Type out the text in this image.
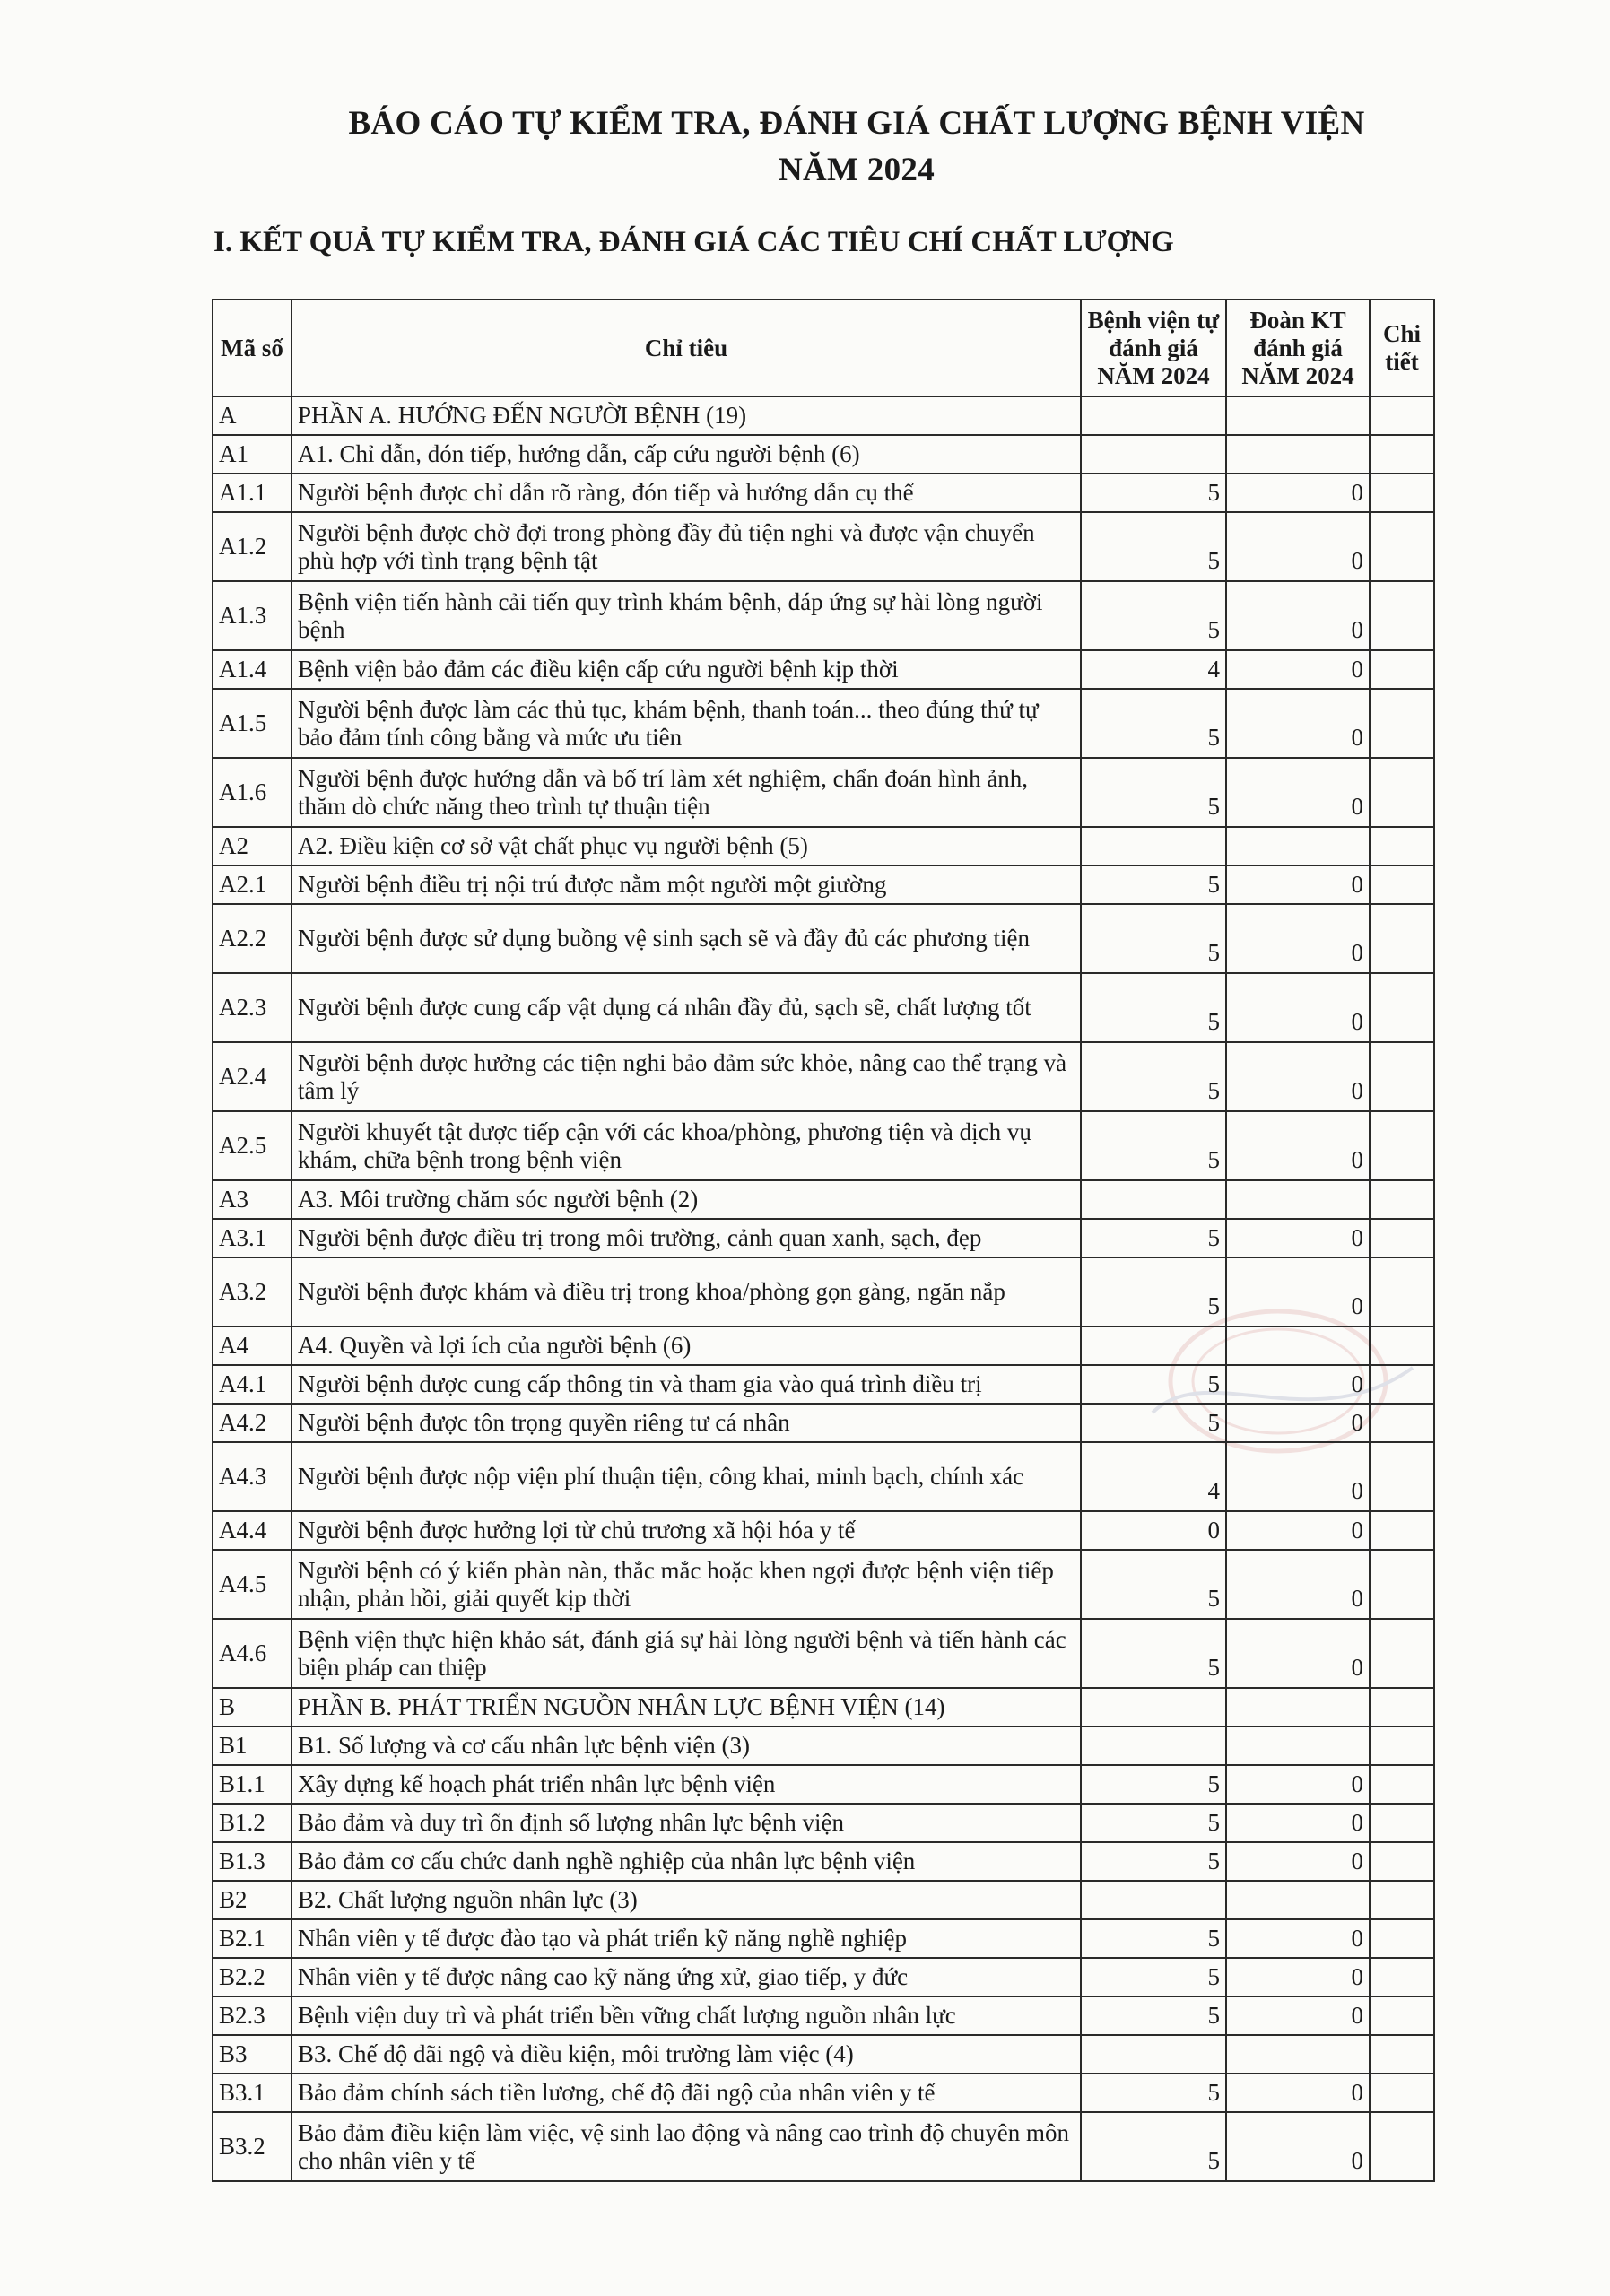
BÁO CÁO TỰ KIỂM TRA, ĐÁNH GIÁ CHẤT LƯỢNG BỆNH VIỆN
NĂM 2024
I. KẾT QUẢ TỰ KIỂM TRA, ĐÁNH GIÁ CÁC TIÊU CHÍ CHẤT LƯỢNG
Mã số	Chỉ tiêu	Bệnh viện tự đánh giá NĂM 2024	Đoàn KT đánh giá NĂM 2024	Chi tiết
A	PHẦN A. HƯỚNG ĐẾN NGƯỜI BỆNH (19)			
A1	A1. Chỉ dẫn, đón tiếp, hướng dẫn, cấp cứu người bệnh (6)			
A1.1	Người bệnh được chỉ dẫn rõ ràng, đón tiếp và hướng dẫn cụ thể	5	0	
A1.2	Người bệnh được chờ đợi trong phòng đầy đủ tiện nghi và được vận chuyển phù hợp với tình trạng bệnh tật	5	0	
A1.3	Bệnh viện tiến hành cải tiến quy trình khám bệnh, đáp ứng sự hài lòng người bệnh	5	0	
A1.4	Bệnh viện bảo đảm các điều kiện cấp cứu người bệnh kịp thời	4	0	
A1.5	Người bệnh được làm các thủ tục, khám bệnh, thanh toán... theo đúng thứ tự bảo đảm tính công bằng và mức ưu tiên	5	0	
A1.6	Người bệnh được hướng dẫn và bố trí làm xét nghiệm, chẩn đoán hình ảnh, thăm dò chức năng theo trình tự thuận tiện	5	0	
A2	A2. Điều kiện cơ sở vật chất phục vụ người bệnh (5)			
A2.1	Người bệnh điều trị nội trú được nằm một người một giường	5	0	
A2.2	Người bệnh được sử dụng buồng vệ sinh sạch sẽ và đầy đủ các phương tiện	5	0	
A2.3	Người bệnh được cung cấp vật dụng cá nhân đầy đủ, sạch sẽ, chất lượng tốt	5	0	
A2.4	Người bệnh được hưởng các tiện nghi bảo đảm sức khỏe, nâng cao thể trạng và tâm lý	5	0	
A2.5	Người khuyết tật được tiếp cận với các khoa/phòng, phương tiện và dịch vụ khám, chữa bệnh trong bệnh viện	5	0	
A3	A3. Môi trường chăm sóc người bệnh (2)			
A3.1	Người bệnh được điều trị trong môi trường, cảnh quan xanh, sạch, đẹp	5	0	
A3.2	Người bệnh được khám và điều trị trong khoa/phòng gọn gàng, ngăn nắp	5	0	
A4	A4. Quyền và lợi ích của người bệnh (6)			
A4.1	Người bệnh được cung cấp thông tin và tham gia vào quá trình điều trị	5	0	
A4.2	Người bệnh được tôn trọng quyền riêng tư cá nhân	5	0	
A4.3	Người bệnh được nộp viện phí thuận tiện, công khai, minh bạch, chính xác	4	0	
A4.4	Người bệnh được hưởng lợi từ chủ trương xã hội hóa y tế	0	0	
A4.5	Người bệnh có ý kiến phàn nàn, thắc mắc hoặc khen ngợi được bệnh viện tiếp nhận, phản hồi, giải quyết kịp thời	5	0	
A4.6	Bệnh viện thực hiện khảo sát, đánh giá sự hài lòng người bệnh và tiến hành các biện pháp can thiệp	5	0	
B	PHẦN B. PHÁT TRIỂN NGUỒN NHÂN LỰC BỆNH VIỆN (14)			
B1	B1. Số lượng và cơ cấu nhân lực bệnh viện (3)			
B1.1	Xây dựng kế hoạch phát triển nhân lực bệnh viện	5	0	
B1.2	Bảo đảm và duy trì ổn định số lượng nhân lực bệnh viện	5	0	
B1.3	Bảo đảm cơ cấu chức danh nghề nghiệp của nhân lực bệnh viện	5	0	
B2	B2. Chất lượng nguồn nhân lực (3)			
B2.1	Nhân viên y tế được đào tạo và phát triển kỹ năng nghề nghiệp	5	0	
B2.2	Nhân viên y tế được nâng cao kỹ năng ứng xử, giao tiếp, y đức	5	0	
B2.3	Bệnh viện duy trì và phát triển bền vững chất lượng nguồn nhân lực	5	0	
B3	B3. Chế độ đãi ngộ và điều kiện, môi trường làm việc (4)			
B3.1	Bảo đảm chính sách tiền lương, chế độ đãi ngộ của nhân viên y tế	5	0	
B3.2	Bảo đảm điều kiện làm việc, vệ sinh lao động và nâng cao trình độ chuyên môn cho nhân viên y tế	5	0	
